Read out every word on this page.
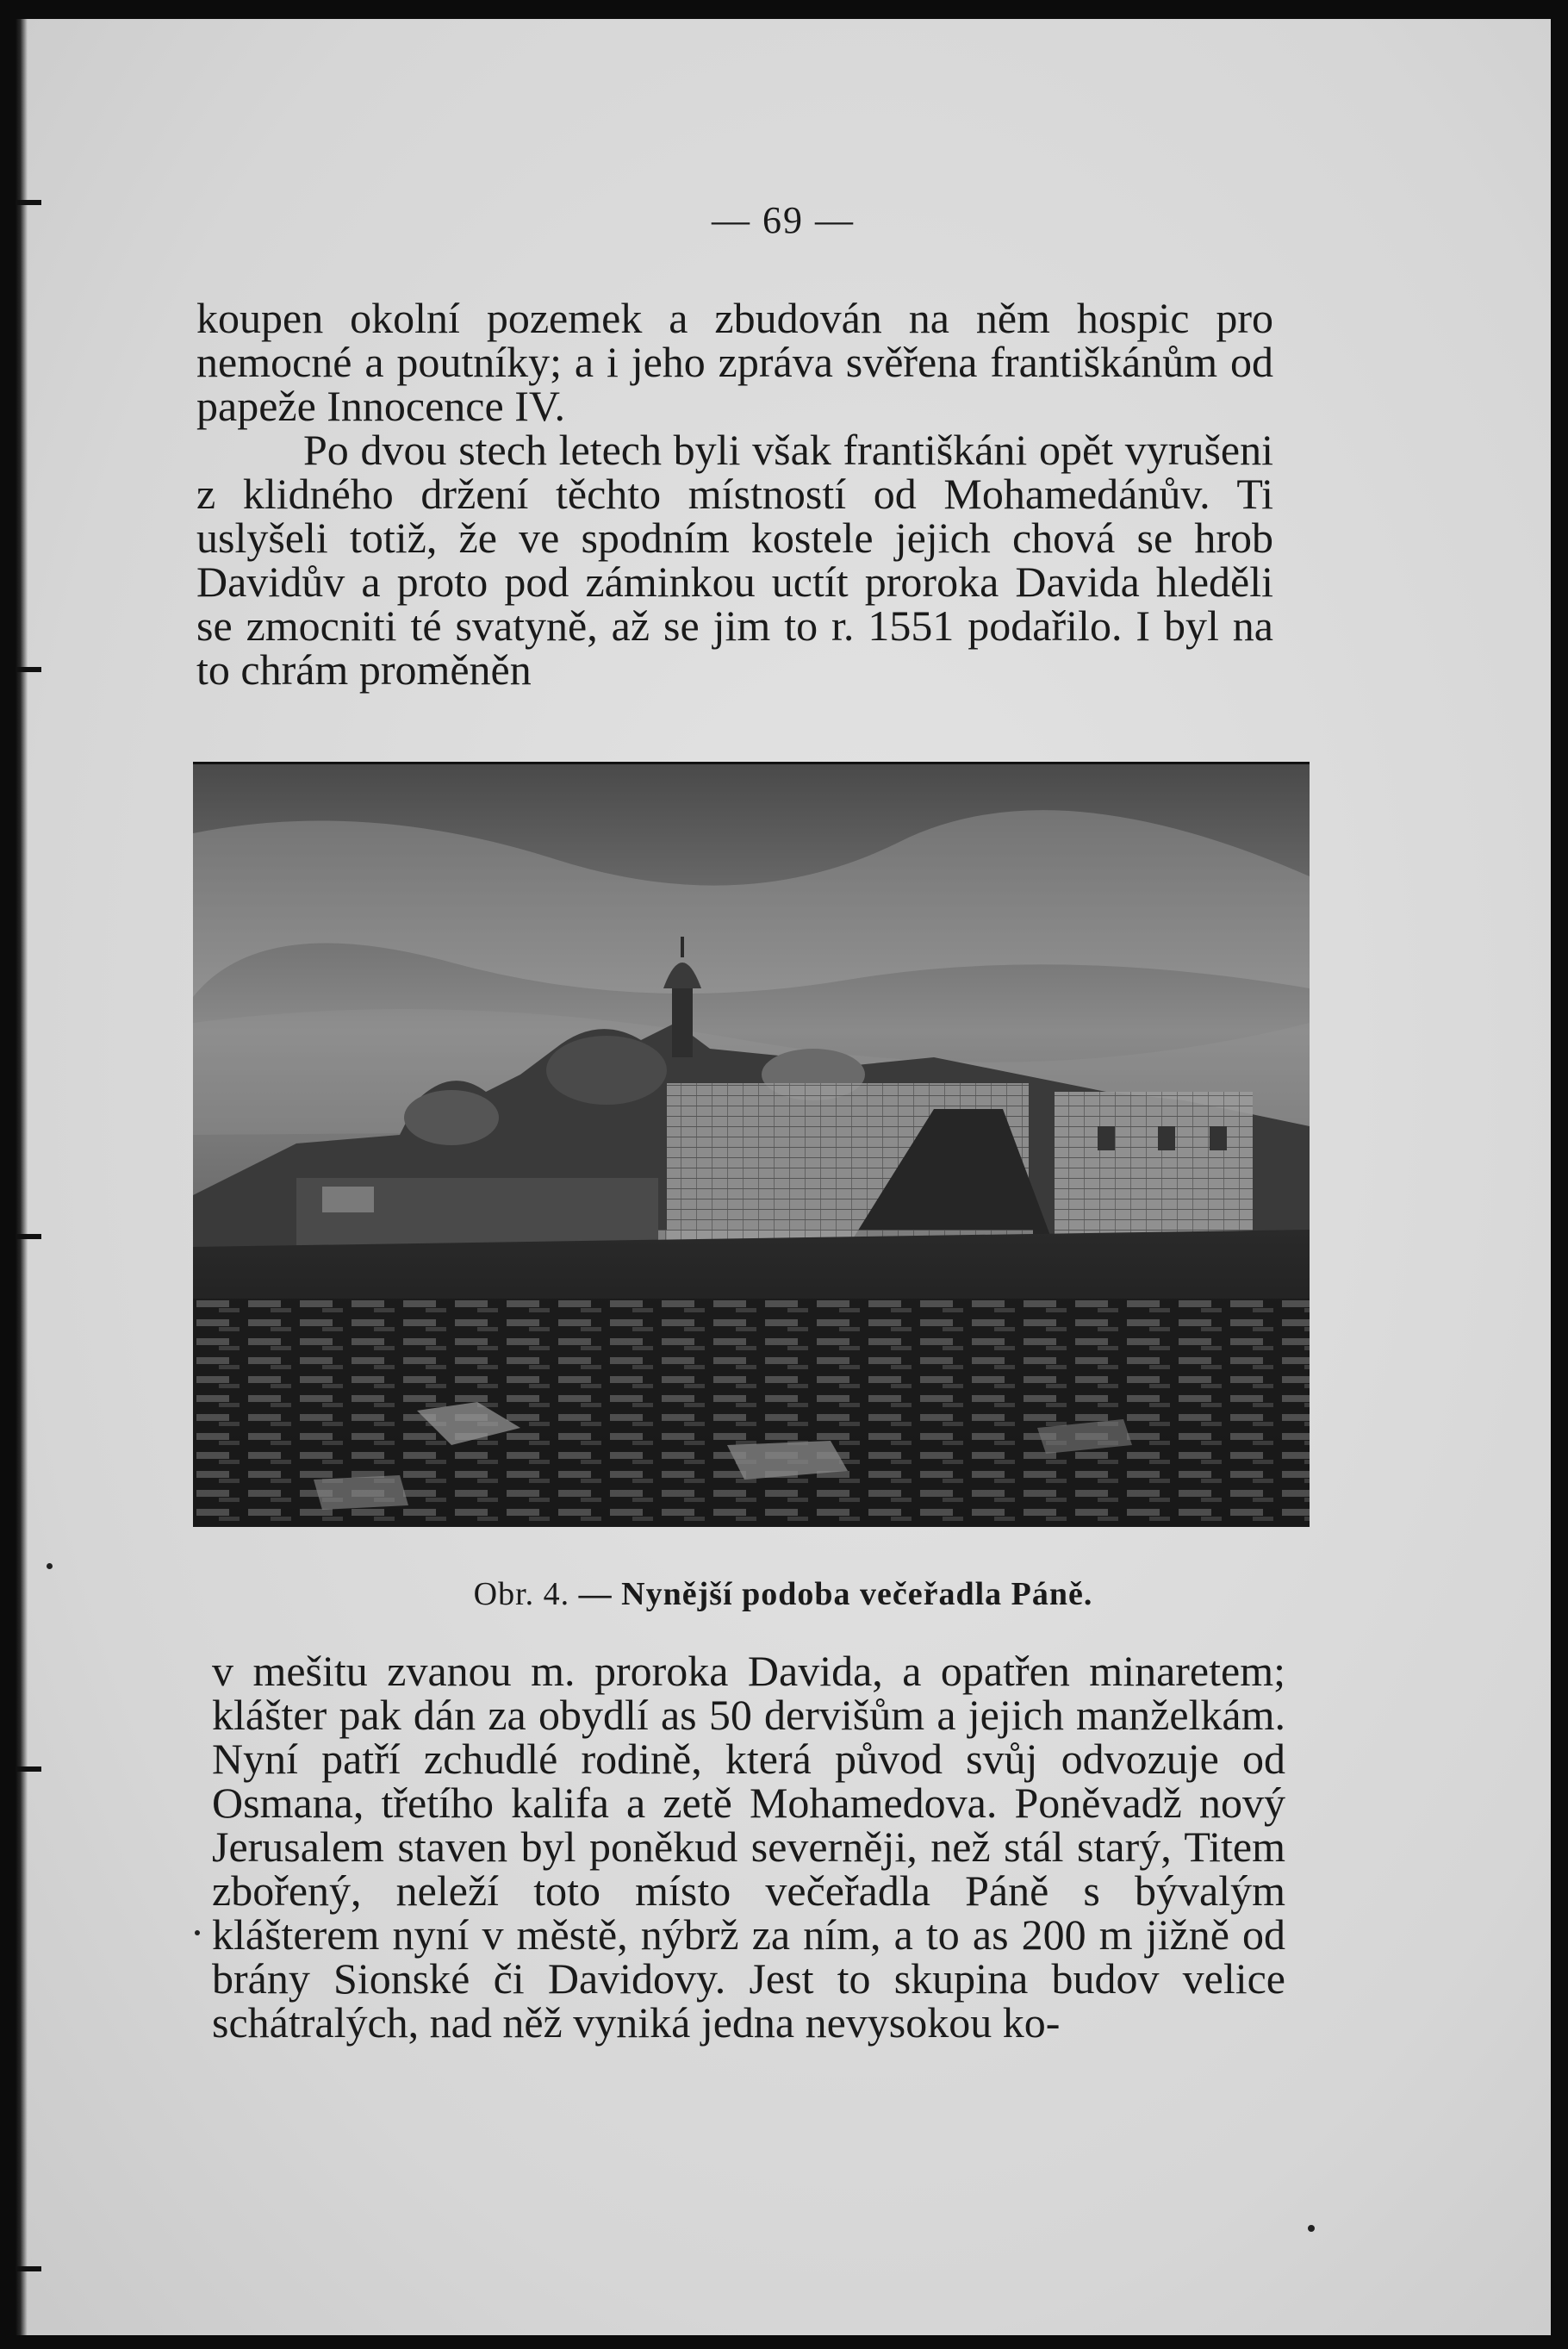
— 69 —

koupen okolní pozemek a zbudován na něm hospic pro nemocné a poutníky; a i jeho zpráva svěřena františkánům od papeže Innocence IV.

Po dvou stech letech byli však františkáni opět vyrušeni z klidného držení těchto místností od Mohamedánův. Ti uslyšeli totiž, že ve spodním kostele jejich chová se hrob Davidův a proto pod záminkou uctít proroka Davida hleděli se zmocniti té svatyně, až se jim to r. 1551 podařilo. I byl na to chrám proměněn

Obr. 4. — Nynější podoba večeřadla Páně.

v mešitu zvanou m. proroka Davida, a opatřen minaretem; klášter pak dán za obydlí as 50 dervišům a jejich manželkám. Nyní patří zchudlé rodině, která původ svůj odvozuje od Osmana, třetího kalifa a zetě Mohamedova. Poněvadž nový Jerusalem staven byl poněkud severněji, než stál starý, Titem zbořený, neleží toto místo večeřadla Páně s bývalým klášterem nyní v městě, nýbrž za ním, a to as 200 m jižně od brány Sionské či Davidovy. Jest to skupina budov velice schátralých, nad něž vyniká jedna nevysokou ko-
